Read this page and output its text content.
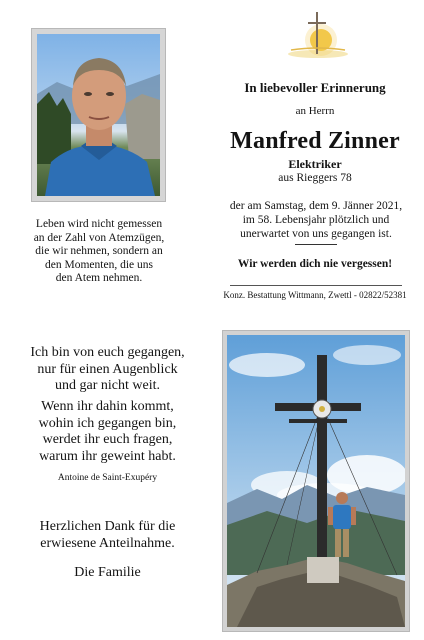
In liebevoller Erinnerung
an Herrn
Manfred Zinner
Elektriker
aus Rieggers 78
der am Samstag, dem 9. Jänner 2021,
im 58. Lebensjahr plötzlich und
unerwartet von uns gegangen ist.
Wir werden dich nie vergessen!
Konz. Bestattung Wittmann, Zwettl - 02822/52381
Leben wird nicht gemessen
an der Zahl von Atemzügen,
die wir nehmen, sondern an
den Momenten, die uns
den Atem nehmen.
Ich bin von euch gegangen,
nur für einen Augenblick
und gar nicht weit.
Wenn ihr dahin kommt,
wohin ich gegangen bin,
werdet ihr euch fragen,
warum ihr geweint habt.
Antoine de Saint-Exupéry
Herzlichen Dank für die
erwiesene Anteilnahme.
Die Familie
